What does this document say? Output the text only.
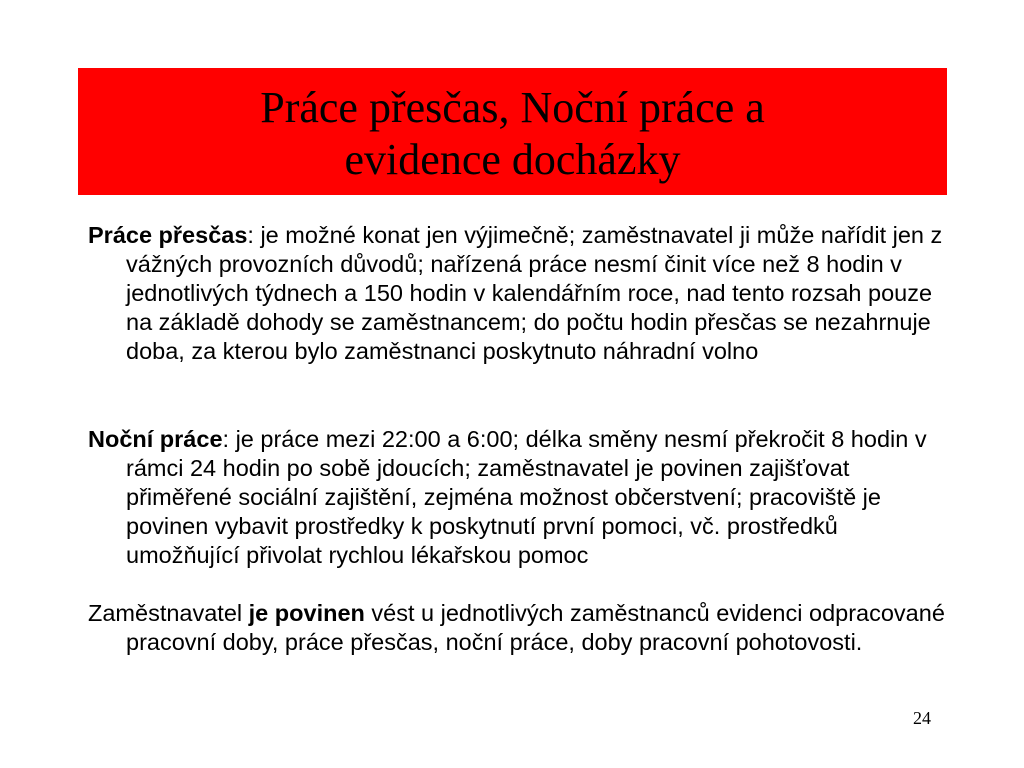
Práce přesčas, Noční práce a
evidence docházky

Práce přesčas: je možné konat jen výjimečně; zaměstnavatel ji může nařídit jen z vážných provozních důvodů; nařízená práce nesmí činit více než 8 hodin v jednotlivých týdnech a 150 hodin v kalendářním roce, nad tento rozsah pouze na základě dohody se zaměstnancem; do počtu hodin přesčas se nezahrnuje doba, za kterou bylo zaměstnanci poskytnuto náhradní volno

Noční práce: je práce mezi 22:00 a 6:00; délka směny nesmí překročit 8 hodin v rámci 24 hodin po sobě jdoucích; zaměstnavatel je povinen zajišťovat přiměřené sociální zajištění, zejména možnost občerstvení; pracoviště je povinen vybavit prostředky k poskytnutí první pomoci, vč. prostředků umožňující přivolat rychlou lékařskou pomoc

Zaměstnavatel je povinen vést u jednotlivých zaměstnanců evidenci odpracované pracovní doby, práce přesčas, noční práce, doby pracovní pohotovosti.

24
